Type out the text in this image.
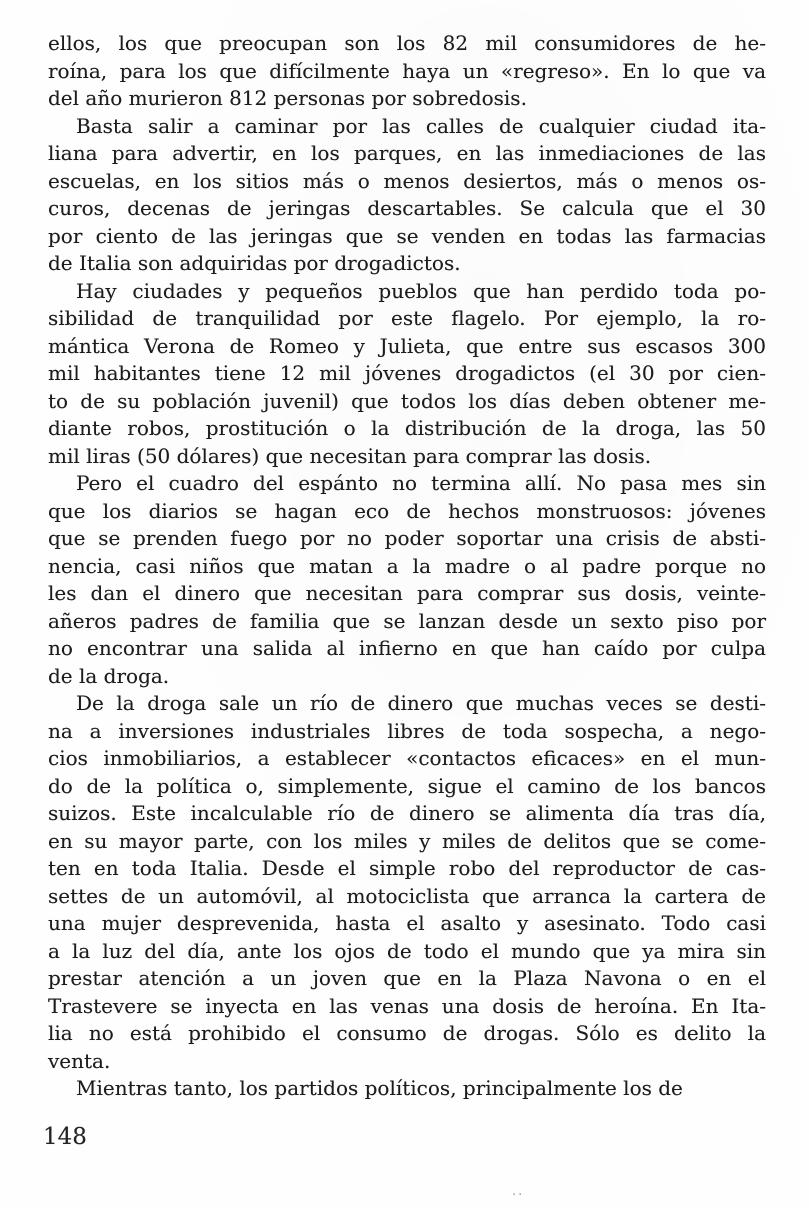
ellos, los que preocupan son los 82 mil consumidores de he-
roína, para los que difícilmente haya un «regreso». En lo que va
del año murieron 812 personas por sobredosis.
Basta salir a caminar por las calles de cualquier ciudad ita-
liana para advertir, en los parques, en las inmediaciones de las
escuelas, en los sitios más o menos desiertos, más o menos os-
curos, decenas de jeringas descartables. Se calcula que el 30
por ciento de las jeringas que se venden en todas las farmacias
de Italia son adquiridas por drogadictos.
Hay ciudades y pequeños pueblos que han perdido toda po-
sibilidad de tranquilidad por este flagelo. Por ejemplo, la ro-
mántica Verona de Romeo y Julieta, que entre sus escasos 300
mil habitantes tiene 12 mil jóvenes drogadictos (el 30 por cien-
to de su población juvenil) que todos los días deben obtener me-
diante robos, prostitución o la distribución de la droga, las 50
mil liras (50 dólares) que necesitan para comprar las dosis.
Pero el cuadro del espánto no termina allí. No pasa mes sin
que los diarios se hagan eco de hechos monstruosos: jóvenes
que se prenden fuego por no poder soportar una crisis de absti-
nencia, casi niños que matan a la madre o al padre porque no
les dan el dinero que necesitan para comprar sus dosis, veinte-
añeros padres de familia que se lanzan desde un sexto piso por
no encontrar una salida al infierno en que han caído por culpa
de la droga.
De la droga sale un río de dinero que muchas veces se desti-
na a inversiones industriales libres de toda sospecha, a nego-
cios inmobiliarios, a establecer «contactos eficaces» en el mun-
do de la política o, simplemente, sigue el camino de los bancos
suizos. Este incalculable río de dinero se alimenta día tras día,
en su mayor parte, con los miles y miles de delitos que se come-
ten en toda Italia. Desde el simple robo del reproductor de cas-
settes de un automóvil, al motociclista que arranca la cartera de
una mujer desprevenida, hasta el asalto y asesinato. Todo casi
a la luz del día, ante los ojos de todo el mundo que ya mira sin
prestar atención a un joven que en la Plaza Navona o en el
Trastevere se inyecta en las venas una dosis de heroína. En Ita-
lia no está prohibido el consumo de drogas. Sólo es delito la
venta.
Mientras tanto, los partidos políticos, principalmente los de
148
..
